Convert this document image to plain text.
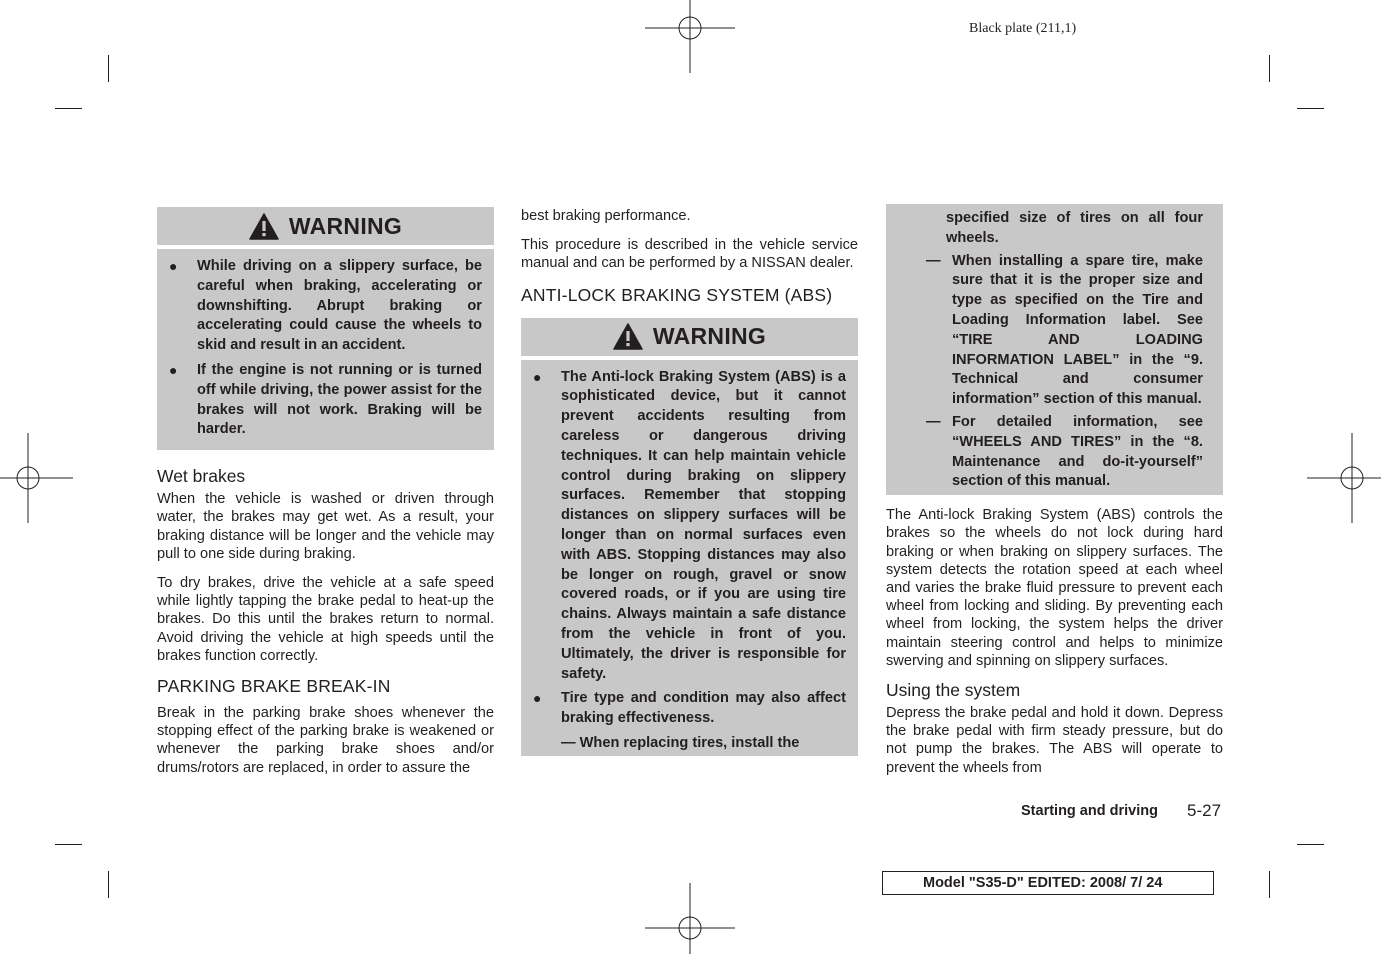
Black plate (211,1)
WARNING
●	While driving on a slippery surface, be careful when braking, accelerating or downshifting. Abrupt braking or accelerating could cause the wheels to skid and result in an accident.
●	If the engine is not running or is turned off while driving, the power assist for the brakes will not work. Braking will be harder.
Wet brakes

When the vehicle is washed or driven through water, the brakes may get wet. As a result, your braking distance will be longer and the vehicle may pull to one side during braking.

To dry brakes, drive the vehicle at a safe speed while lightly tapping the brake pedal to heat-up the brakes. Do this until the brakes return to normal. Avoid driving the vehicle at high speeds until the brakes function correctly.

PARKING BRAKE BREAK-IN

Break in the parking brake shoes whenever the stopping effect of the parking brake is weakened or whenever the parking brake shoes and/or drums/rotors are replaced, in order to assure the

best braking performance.

This procedure is described in the vehicle service manual and can be performed by a NISSAN dealer.

ANTI-LOCK BRAKING SYSTEM (ABS)
WARNING
●	The Anti-lock Braking System (ABS) is a sophisticated device, but it cannot prevent accidents resulting from careless or dangerous driving techniques. It can help maintain vehicle control during braking on slippery surfaces. Remember that stopping distances on slippery surfaces will be longer than on normal surfaces even with ABS. Stopping distances may also be longer on rough, gravel or snow covered roads, or if you are using tire chains. Always maintain a safe distance from the vehicle in front of you. Ultimately, the driver is responsible for safety.
●	Tire type and condition may also affect braking effectiveness.
— When replacing tires, install the
specified size of tires on all four wheels.
— When installing a spare tire, make sure that it is the proper size and type as specified on the Tire and Loading Information label. See “TIRE AND LOADING INFORMATION LABEL” in the “9. Technical and consumer information” section of this manual.
— For detailed information, see “WHEELS AND TIRES” in the “8. Maintenance and do-it-yourself” section of this manual.

The Anti-lock Braking System (ABS) controls the brakes so the wheels do not lock during hard braking or when braking on slippery surfaces. The system detects the rotation speed at each wheel and varies the brake fluid pressure to prevent each wheel from locking and sliding. By preventing each wheel from locking, the system helps the driver maintain steering control and helps to minimize swerving and spinning on slippery surfaces.

Using the system

Depress the brake pedal and hold it down. Depress the brake pedal with firm steady pressure, but do not pump the brakes. The ABS will operate to prevent the wheels from

Starting and driving 5-27
Model "S35-D" EDITED: 2008/ 7/ 24
